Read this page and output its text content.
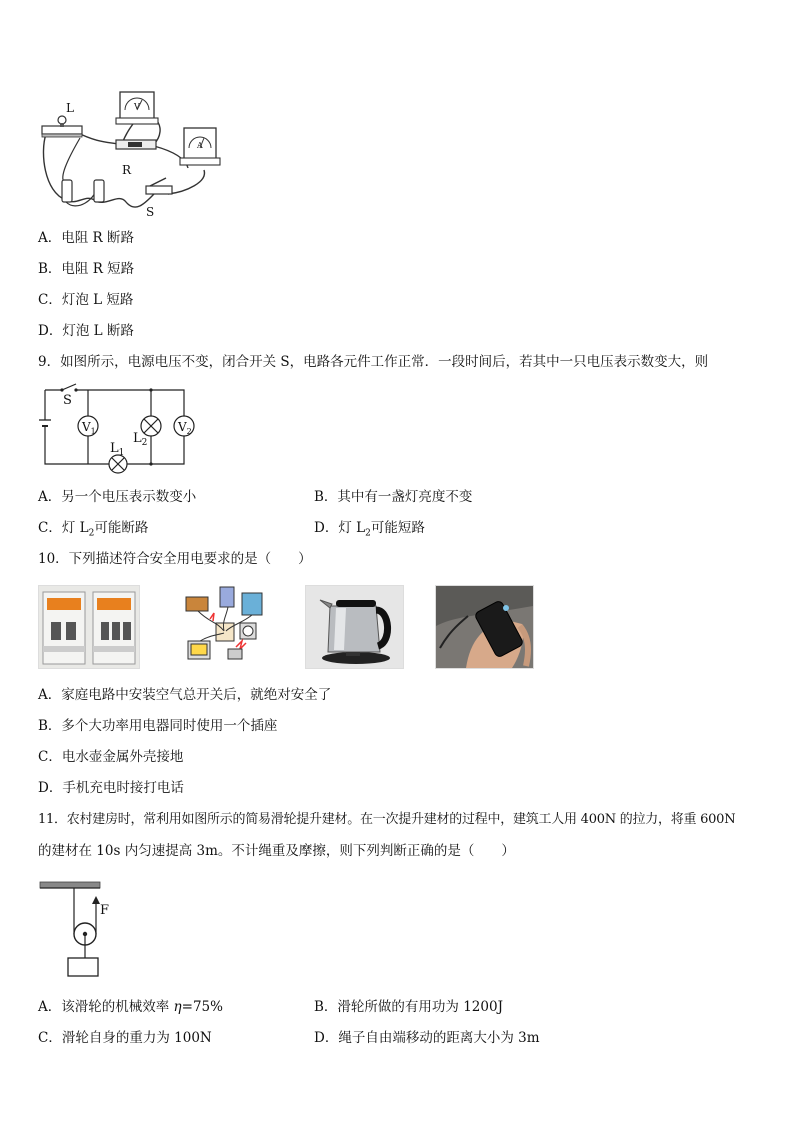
L
R
S
V
A
A．电阻 R 断路
B．电阻 R 短路
C．灯泡 L 短路
D．灯泡 L 断路
9．如图所示，电源电压不变，闭合开关 S，电路各元件工作正常．一段时间后，若其中一只电压表示数变大，则
S
$V_1$	$V_2$
$L_1$
$L_2$
A．另一个电压表示数变小	B．其中有一盏灯亮度不变
C．灯 $L_2$可能断路	D．灯 $L_2$可能短路
10．下列描述符合安全用电要求的是（　　）
A．家庭电路中安装空气总开关后，就绝对安全了
B．多个大功率用电器同时使用一个插座
C．电水壶金属外壳接地
D．手机充电时接打电话
11．农村建房时，常利用如图所示的简易滑轮提升建材。在一次提升建材的过程中，建筑工人用 400N 的拉力，将重 600N
的建材在 10s 内匀速提高 3m。不计绳重及摩擦，则下列判断正确的是（　　）
F
A．该滑轮的机械效率 η=75%	B．滑轮所做的有用功为 1200J
C．滑轮自身的重力为 100N	D．绳子自由端移动的距离大小为 3m
